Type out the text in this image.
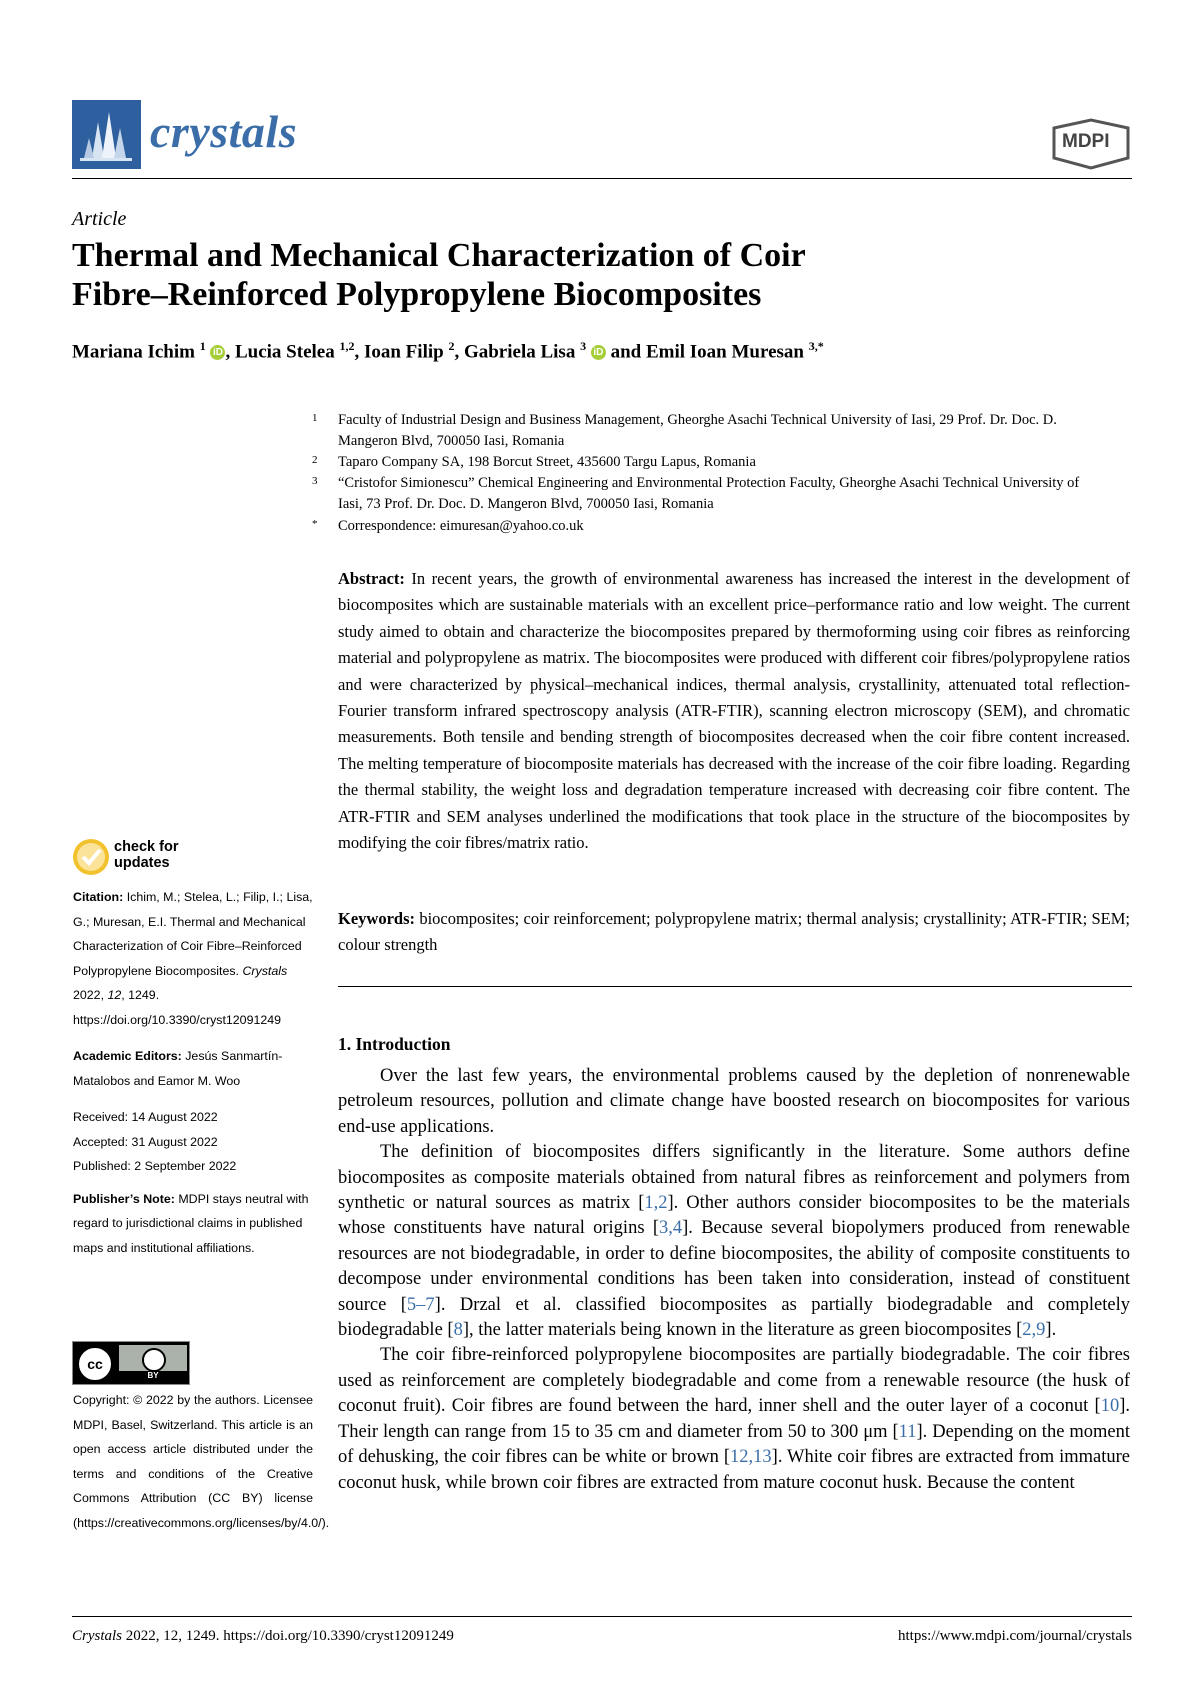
crystals	MDPI
Article
Thermal and Mechanical Characterization of Coir
Fibre–Reinforced Polypropylene Biocomposites
Mariana Ichim $^1$ iD , Lucia Stelea $^{1,2}$, Ioan Filip $^2$, Gabriela Lisa $^3$ iD and Emil Ioan Muresan $^{3,*}$
1 Faculty of Industrial Design and Business Management, Gheorghe Asachi Technical University of Iasi, 29 Prof. Dr. Doc. D. Mangeron Blvd, 700050 Iasi, Romania
2 Taparo Company SA, 198 Borcut Street, 435600 Targu Lapus, Romania
3 “Cristofor Simionescu” Chemical Engineering and Environmental Protection Faculty, Gheorghe Asachi Technical University of Iasi, 73 Prof. Dr. Doc. D. Mangeron Blvd, 700050 Iasi, Romania
* Correspondence: eimuresan@yahoo.co.uk
Abstract: In recent years, the growth of environmental awareness has increased the interest in the development of biocomposites which are sustainable materials with an excellent price–performance ratio and low weight. The current study aimed to obtain and characterize the biocomposites prepared by thermoforming using coir fibres as reinforcing material and polypropylene as matrix. The biocomposites were produced with different coir fibres/polypropylene ratios and were characterized by physical–mechanical indices, thermal analysis, crystallinity, attenuated total reflection-Fourier transform infrared spectroscopy analysis (ATR-FTIR), scanning electron microscopy (SEM), and chromatic measurements. Both tensile and bending strength of biocomposites decreased when the coir fibre content increased. The melting temperature of biocomposite materials has decreased with the increase of the coir fibre loading. Regarding the thermal stability, the weight loss and degradation temperature increased with decreasing coir fibre content. The ATR-FTIR and SEM analyses underlined the modifications that took place in the structure of the biocomposites by modifying the coir fibres/matrix ratio.
Keywords: biocomposites; coir reinforcement; polypropylene matrix; thermal analysis; crystallinity; ATR-FTIR; SEM; colour strength
1. Introduction

Over the last few years, the environmental problems caused by the depletion of nonrenewable petroleum resources, pollution and climate change have boosted research on biocomposites for various end-use applications.

The definition of biocomposites differs significantly in the literature. Some authors define biocomposites as composite materials obtained from natural fibres as reinforcement and polymers from synthetic or natural sources as matrix [1,2]. Other authors consider biocomposites to be the materials whose constituents have natural origins [3,4]. Because several biopolymers produced from renewable resources are not biodegradable, in order to define biocomposites, the ability of composite constituents to decompose under environmental conditions has been taken into consideration, instead of constituent source [5–7]. Drzal et al. classified biocomposites as partially biodegradable and completely biodegradable [8], the latter materials being known in the literature as green biocomposites [2,9].

The coir fibre-reinforced polypropylene biocomposites are partially biodegradable. The coir fibres used as reinforcement are completely biodegradable and come from a renewable resource (the husk of coconut fruit). Coir fibres are found between the hard, inner shell and the outer layer of a coconut [10]. Their length can range from 15 to 35 cm and diameter from 50 to 300 μm [11]. Depending on the moment of dehusking, the coir fibres can be white or brown [12,13]. White coir fibres are extracted from immature coconut husk, while brown coir fibres are extracted from mature coconut husk. Because the content

check for
updates

Citation: Ichim, M.; Stelea, L.; Filip, I.; Lisa, G.; Muresan, E.I. Thermal and Mechanical Characterization of Coir Fibre–Reinforced Polypropylene Biocomposites. Crystals 2022, 12, 1249. https://doi.org/10.3390/cryst12091249

Academic Editors: Jesús Sanmartín-Matalobos and Eamor M. Woo

Received: 14 August 2022
Accepted: 31 August 2022
Published: 2 September 2022

Publisher’s Note: MDPI stays neutral with regard to jurisdictional claims in published maps and institutional affiliations.

cc
BY

Copyright: © 2022 by the authors. Licensee MDPI, Basel, Switzerland. This article is an open access article distributed under the terms and conditions of the Creative Commons Attribution (CC BY) license (https://creativecommons.org/licenses/by/4.0/).

Crystals 2022, 12, 1249. https://doi.org/10.3390/cryst12091249	https://www.mdpi.com/journal/crystals
